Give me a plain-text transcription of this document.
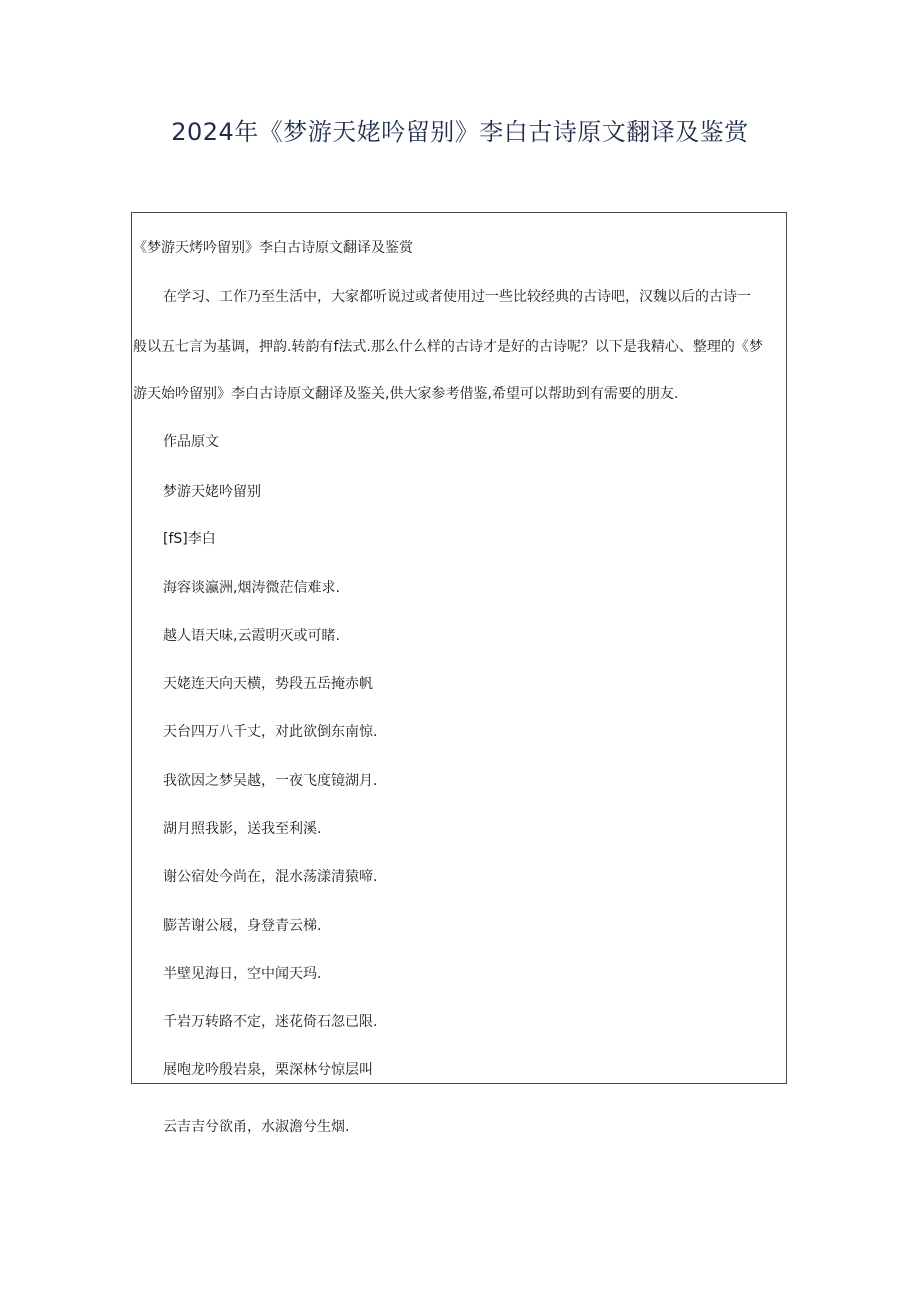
2024年《梦游天姥吟留别》李白古诗原文翻译及鉴赏
《梦游天烤吟留别》李白古诗原文翻译及鉴赏
在学习、工作乃至生活中，大家都听说过或者使用过一些比较经典的古诗吧，汉魏以后的古诗一
般以五七言为基调，押韵.转韵有f法式.那么什么样的古诗才是好的古诗呢？以下是我精心、整理的《梦
游天始吟留别》李白古诗原文翻译及鉴关,供大家参考借鉴,希望可以帮助到有需要的朋友.
作品原文
梦游天姥吟留别
[fS]李白
海容谈瀛洲,烟涛微茫信难求.
越人语天味,云霞明灭或可睹.
天姥连天向天横，势段五岳掩赤帆
天台四万八千丈，对此欲倒东南惊.
我欲因之梦吴越，一夜飞度镜湖月.
湖月照我影，送我至利溪.
谢公宿处今尚在，混水荡漾清猿啼.
膨苦谢公屐，身登青云梯.
半壁见海日，空中闻天玛.
千岩万转路不定，迷花倚石忽已限.
展咆龙吟殷岩泉，栗深林兮惊层叫
云吉吉兮欲甬，水淑澹兮生烟.
